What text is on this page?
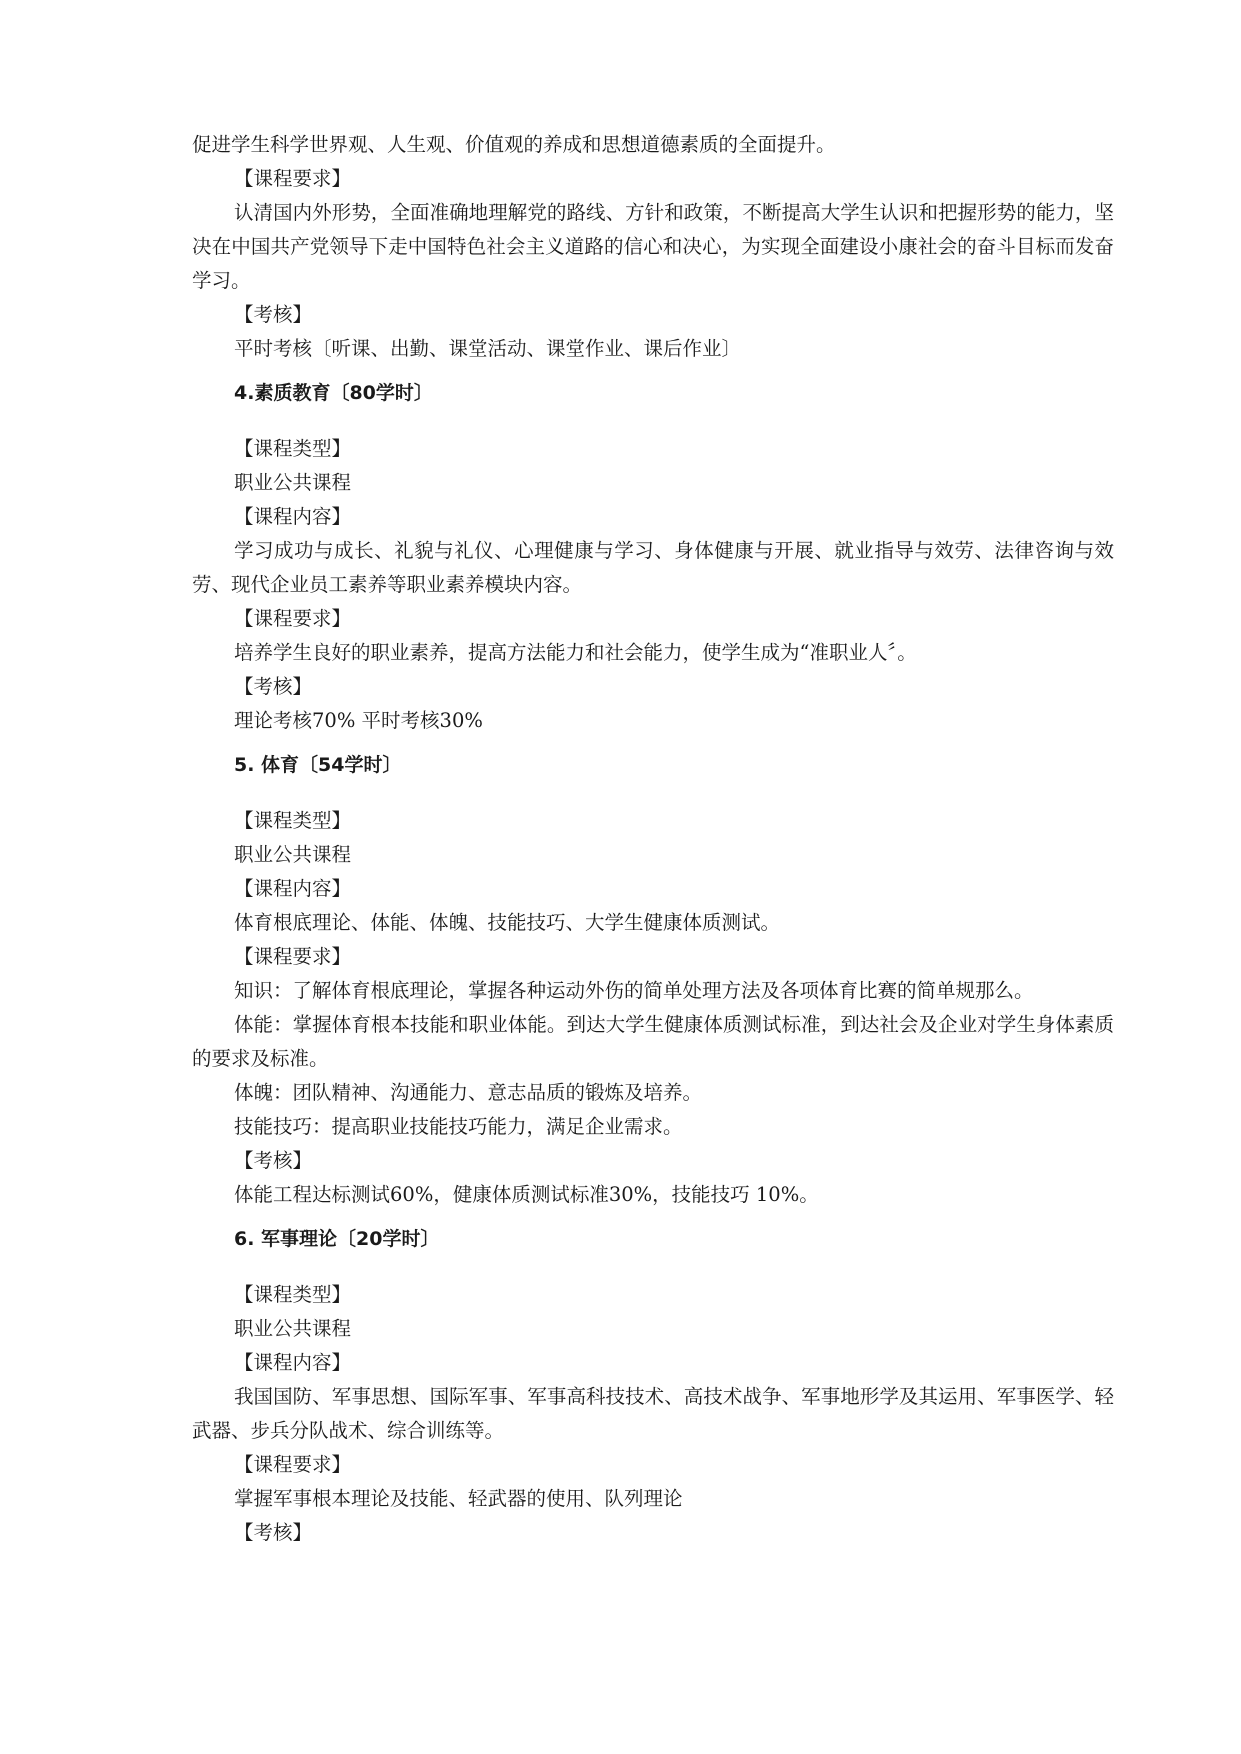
促进学生科学世界观、人生观、价值观的养成和思想道德素质的全面提升。

【课程要求】

认清国内外形势，全面准确地理解党的路线、方针和政策，不断提高大学生认识和把握形势的能力，坚决在中国共产党领导下走中国特色社会主义道路的信心和决心，为实现全面建设小康社会的奋斗目标而发奋学习。

【考核】

平时考核〔听课、出勤、课堂活动、课堂作业、课后作业〕

4.素质教育〔80学时〕

【课程类型】

职业公共课程

【课程内容】

学习成功与成长、礼貌与礼仪、心理健康与学习、身体健康与开展、就业指导与效劳、法律咨询与效劳、现代企业员工素养等职业素养模块内容。

【课程要求】

培养学生良好的职业素养，提高方法能力和社会能力，使学生成为“准职业人〞。

【考核】

理论考核70% 平时考核30%

5. 体育〔54学时〕

【课程类型】

职业公共课程

【课程内容】

体育根底理论、体能、体魄、技能技巧、大学生健康体质测试。

【课程要求】

知识：了解体育根底理论，掌握各种运动外伤的简单处理方法及各项体育比赛的简单规那么。

体能：掌握体育根本技能和职业体能。到达大学生健康体质测试标准，到达社会及企业对学生身体素质的要求及标准。

体魄：团队精神、沟通能力、意志品质的锻炼及培养。

技能技巧：提高职业技能技巧能力，满足企业需求。

【考核】

体能工程达标测试60%，健康体质测试标准30%，技能技巧 10%。

6. 军事理论〔20学时〕

【课程类型】

职业公共课程

【课程内容】

我国国防、军事思想、国际军事、军事高科技技术、高技术战争、军事地形学及其运用、军事医学、轻武器、步兵分队战术、综合训练等。

【课程要求】

掌握军事根本理论及技能、轻武器的使用、队列理论

【考核】
